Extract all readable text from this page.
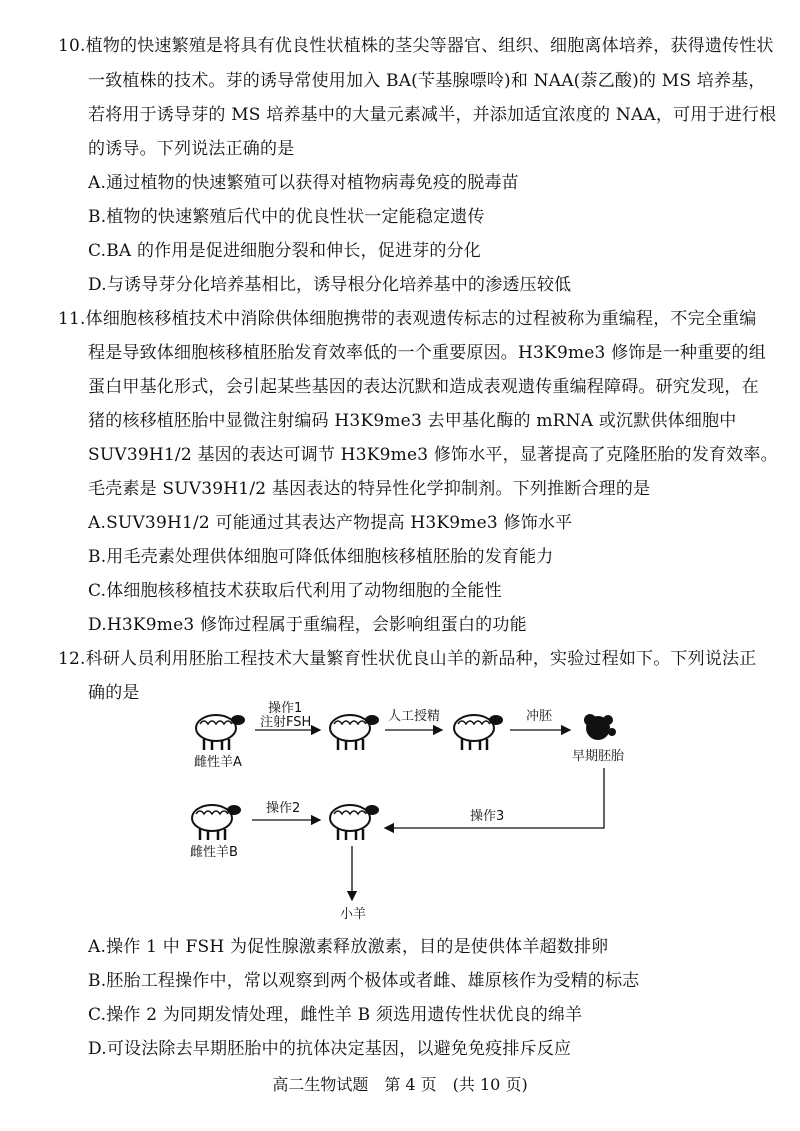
10.植物的快速繁殖是将具有优良性状植株的茎尖等器官、组织、细胞离体培养，获得遗传性状
一致植株的技术。芽的诱导常使用加入 BA(苄基腺嘌呤)和 NAA(萘乙酸)的 MS 培养基，
若将用于诱导芽的 MS 培养基中的大量元素减半，并添加适宜浓度的 NAA，可用于进行根
的诱导。下列说法正确的是
A.通过植物的快速繁殖可以获得对植物病毒免疫的脱毒苗
B.植物的快速繁殖后代中的优良性状一定能稳定遗传
C.BA 的作用是促进细胞分裂和伸长，促进芽的分化
D.与诱导芽分化培养基相比，诱导根分化培养基中的渗透压较低
11.体细胞核移植技术中消除供体细胞携带的表观遗传标志的过程被称为重编程，不完全重编
程是导致体细胞核移植胚胎发育效率低的一个重要原因。H3K9me3 修饰是一种重要的组
蛋白甲基化形式，会引起某些基因的表达沉默和造成表观遗传重编程障碍。研究发现，在
猪的核移植胚胎中显微注射编码 H3K9me3 去甲基化酶的 mRNA 或沉默供体细胞中
SUV39H1/2 基因的表达可调节 H3K9me3 修饰水平，显著提高了克隆胚胎的发育效率。
毛壳素是 SUV39H1/2 基因表达的特异性化学抑制剂。下列推断合理的是
A.SUV39H1/2 可能通过其表达产物提高 H3K9me3 修饰水平
B.用毛壳素处理供体细胞可降低体细胞核移植胚胎的发育能力
C.体细胞核移植技术获取后代利用了动物细胞的全能性
D.H3K9me3 修饰过程属于重编程，会影响组蛋白的功能
12.科研人员利用胚胎工程技术大量繁育性状优良山羊的新品种，实验过程如下。下列说法正
确的是
雌性羊A
操作1
注射FSH	人工授精	冲胚
早期胚胎
操作3
雌性羊B
操作2
小羊
A.操作 1 中 FSH 为促性腺激素释放激素，目的是使供体羊超数排卵
B.胚胎工程操作中，常以观察到两个极体或者雌、雄原核作为受精的标志
C.操作 2 为同期发情处理，雌性羊 B 须选用遗传性状优良的绵羊
D.可设法除去早期胚胎中的抗体决定基因，以避免免疫排斥反应
高二生物试题　第 4 页　(共 10 页)
